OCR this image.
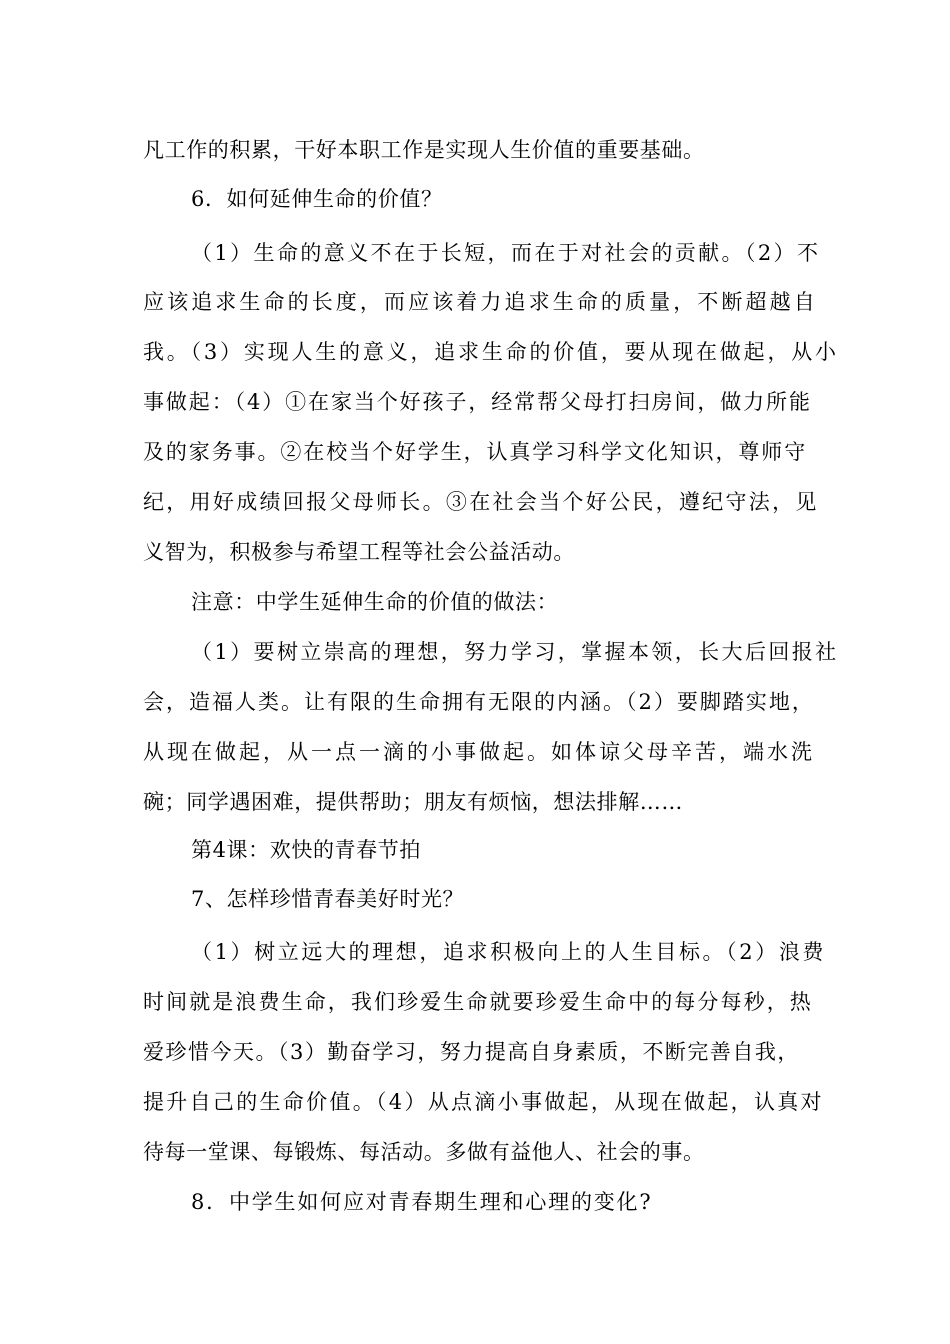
凡工作的积累，干好本职工作是实现人生价值的重要基础。
6．如何延伸生命的价值？
（1）生命的意义不在于长短，而在于对社会的贡献。（2）不
应该追求生命的长度，而应该着力追求生命的质量，不断超越自
我。（3）实现人生的意义，追求生命的价值，要从现在做起，从小
事做起：（4）①在家当个好孩子，经常帮父母打扫房间，做力所能
及的家务事。②在校当个好学生，认真学习科学文化知识，尊师守
纪，用好成绩回报父母师长。③在社会当个好公民，遵纪守法，见
义智为，积极参与希望工程等社会公益活动。
注意：中学生延伸生命的价值的做法：
（1）要树立崇高的理想，努力学习，掌握本领，长大后回报社
会，造福人类。让有限的生命拥有无限的内涵。（2）要脚踏实地，
从现在做起，从一点一滴的小事做起。如体谅父母辛苦，端水洗
碗；同学遇困难，提供帮助；朋友有烦恼，想法排解……
第4课：欢快的青春节拍
7、怎样珍惜青春美好时光？
（1）树立远大的理想，追求积极向上的人生目标。（2）浪费
时间就是浪费生命，我们珍爱生命就要珍爱生命中的每分每秒，热
爱珍惜今天。（3）勤奋学习，努力提高自身素质，不断完善自我，
提升自己的生命价值。（4）从点滴小事做起，从现在做起，认真对
待每一堂课、每锻炼、每活动。多做有益他人、社会的事。
8．中学生如何应对青春期生理和心理的变化?
